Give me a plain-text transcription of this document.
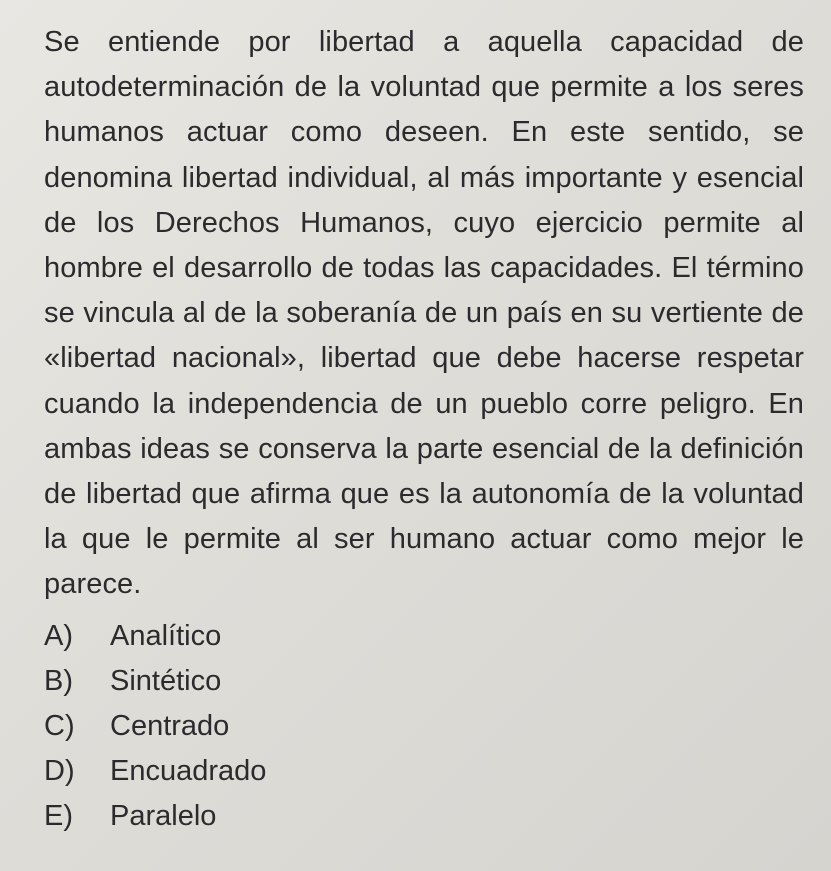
Se entiende por libertad a aquella capacidad de autodeterminación de la voluntad que permite a los seres humanos actuar como deseen. En este sentido, se denomina libertad individual, al más importante y esencial de los Derechos Humanos, cuyo ejercicio permite al hombre el desarrollo de todas las capacidades. El término se vincula al de la soberanía de un país en su vertiente de «libertad nacional», libertad que debe hacerse respetar cuando la independencia de un pueblo corre peligro. En ambas ideas se conserva la parte esencial de la definición de libertad que afirma que es la autonomía de la voluntad la que le permite al ser humano actuar como mejor le parece.

A)	Analítico
B)	Sintético
C)	Centrado
D)	Encuadrado
E)	Paralelo
